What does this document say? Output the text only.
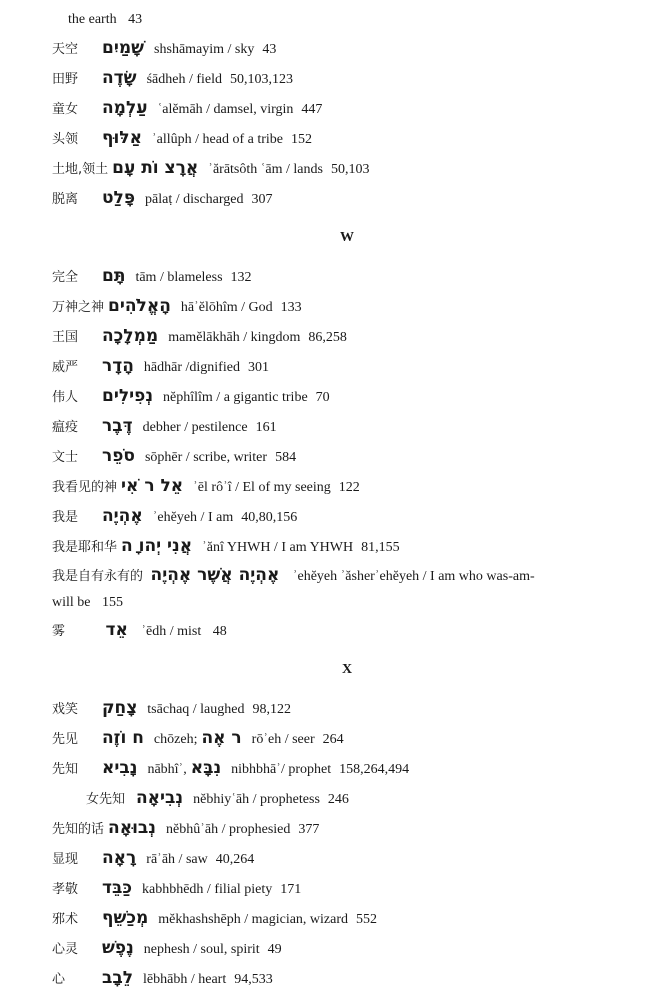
the earth 43
天空 שָׁמַיִם shshāmayim / sky 43
田野 שָׂדֶה śādheh / field 50,103,123
童女 עַלְמָה ʿalĕmāh / damsel, virgin 447
头领 אַלּוּף ʾallûph / head of a tribe 152
土地,领土 אֲרָצ וֹת עָם ʾărātsôth ʿām / lands 50,103
脱离 פָּלַט pālaṭ / discharged 307
W
完全 תָּם tām / blameless 132
万神之神 הָאֱלֹהִים hāʾĕlōhîm / God 133
王国 מַמְלָכָה mamĕlākhāh / kingdom 86,258
威严 הָדָר hādhār /dignified 301
伟人 נְפִילִים nĕphîlîm / a gigantic tribe 70
瘟疫 דֶּבֶר debher / pestilence 161
文士 סֹפֵר sōphēr / scribe, writer 584
我看见的神 אֵל ר ֹאִי ʾēl rôʾî / El of my seeing 122
我是 אֶהְיֶה ʾehĕyeh / I am 40,80,156
我是耶和华 אֲנִי יְהו ָה ʾănî YHWH / I am YHWH 81,155
我是自有永有的 אֶהְיֶה אֲשֶׁר אֶהְיֶה ʾehĕyeh ʾăsherʾehĕyeh / I am who was-am-
will be 155
雾 אֵד ʾēdh / mist 48
X
戏笑 צָחַק tsāchaq / laughed 98,122
先见 ח וֹזֶה chōzeh; ר אֶה rōʾeh / seer 264
先知 נָבִיא nābhîʾ, נִבָּא nibhbhāʾ/ prophet 158,264,494
女先知 נְבִיאָה nĕbhiyʿāh / prophetess 246
先知的话 נְבוּאָה nĕbhûʾāh / prophesied 377
显现 רָאָה rāʾāh / saw 40,264
孝敬 כַּבֵּד kabhbhēdh / filial piety 171
邪术 מְכַשֵּׁף mĕkhashshēph / magician, wizard 552
心灵 נֶפֶשׁ nephesh / soul, spirit 49
心 לֵבָב lēbhābh / heart 94,533
